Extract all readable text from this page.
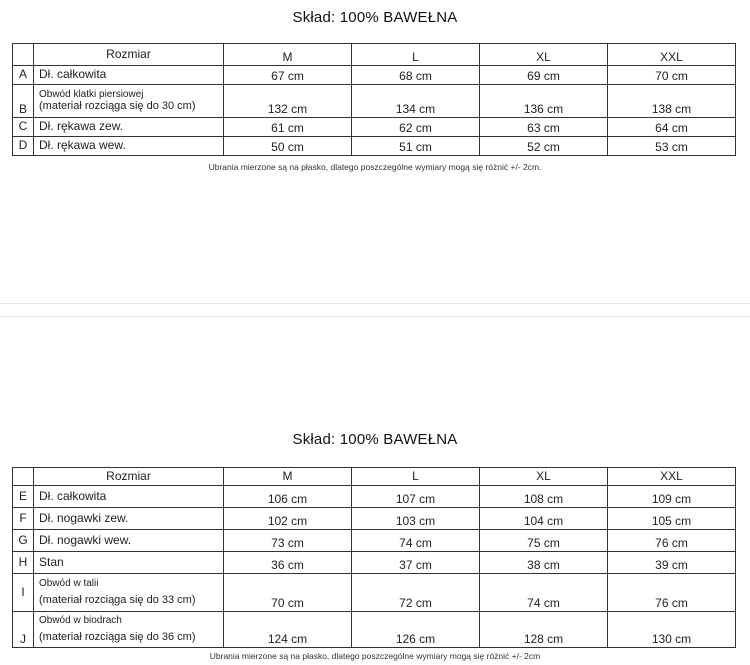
Skład: 100% BAWEŁNA
	Rozmiar	M	L	XL	XXL
A	Dł. całkowita	67 cm	68 cm	69 cm	70 cm
B	Obwód klatki piersiowej
(materiał rozciąga się do 30 cm)	132 cm	134 cm	136 cm	138 cm
C	Dł. rękawa zew.	61 cm	62 cm	63 cm	64 cm
D	Dł. rękawa wew.	50 cm	51 cm	52 cm	53 cm
Ubrania mierzone są na płasko, dlatego poszczególne wymiary mogą się różnić +/- 2cm.
Skład: 100% BAWEŁNA
	Rozmiar	M	L	XL	XXL
E	Dł. całkowita	106 cm	107 cm	108 cm	109 cm
F	Dł. nogawki zew.	102 cm	103 cm	104 cm	105 cm
G	Dł. nogawki wew.	73 cm	74 cm	75 cm	76 cm
H	Stan	36 cm	37 cm	38 cm	39 cm
I	Obwód w talii
(materiał rozciąga się do 33 cm)	70 cm	72 cm	74 cm	76 cm
J	Obwód w biodrach
(materiał rozciąga się do 36 cm)	124 cm	126 cm	128 cm	130 cm
Ubrania mierzone są na płasko, dlatego poszczególne wymiary mogą się różnić +/- 2cm
